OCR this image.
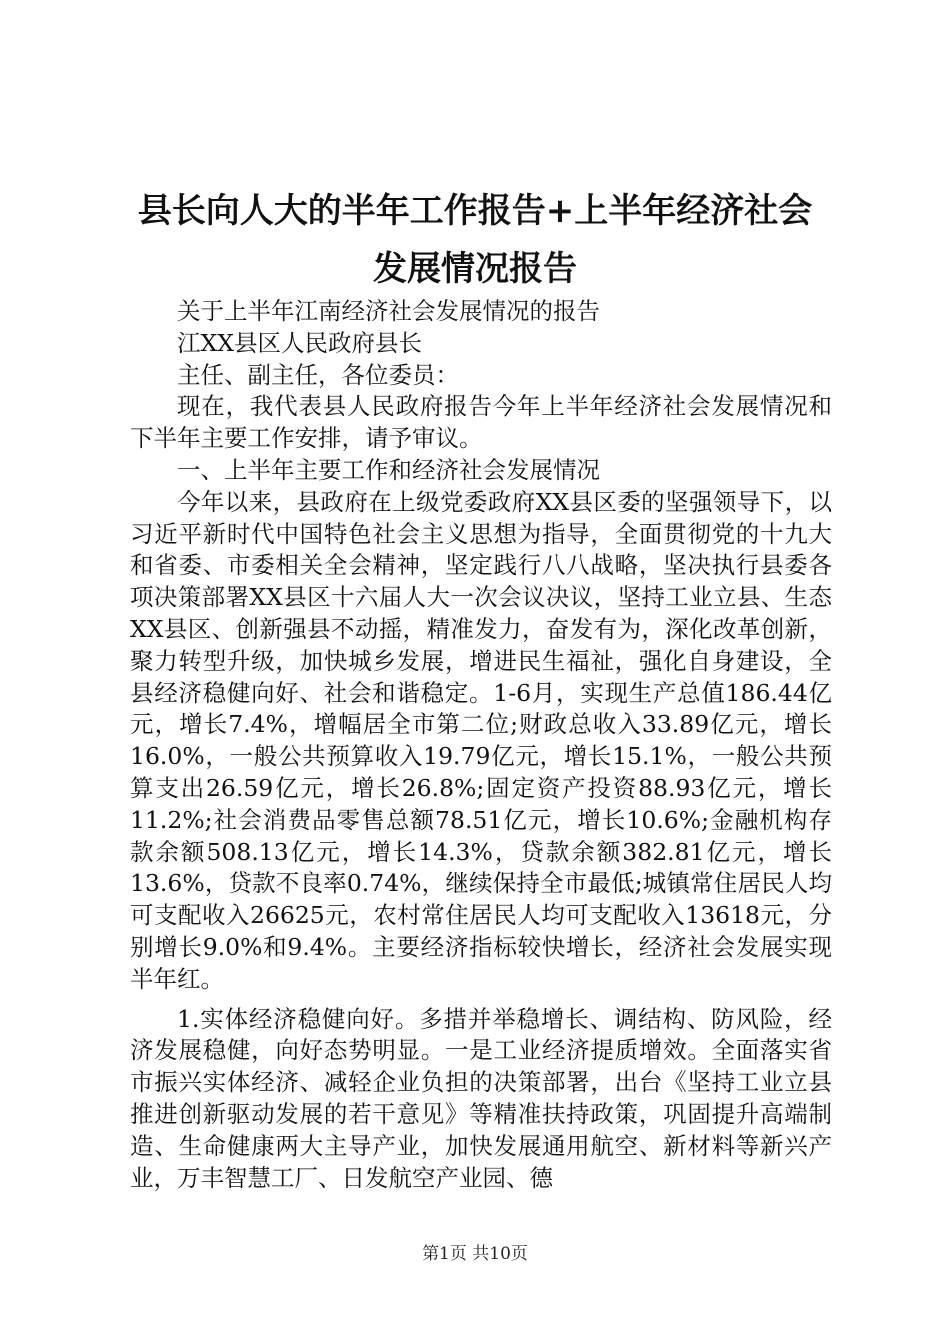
县长向人大的半年工作报告+上半年经济社会
发展情况报告

关于上半年江南经济社会发展情况的报告

江XX县区人民政府县长

主任、副主任，各位委员：

现在，我代表县人民政府报告今年上半年经济社会发展情况和下半年主要工作安排，请予审议。

一、上半年主要工作和经济社会发展情况

今年以来，县政府在上级党委政府XX县区委的坚强领导下，以习近平新时代中国特色社会主义思想为指导，全面贯彻党的十九大和省委、市委相关全会精神，坚定践行八八战略，坚决执行县委各项决策部署XX县区十六届人大一次会议决议，坚持工业立县、生态XX县区、创新强县不动摇，精准发力，奋发有为，深化改革创新，聚力转型升级，加快城乡发展，增进民生福祉，强化自身建设，全县经济稳健向好、社会和谐稳定。1-6月，实现生产总值186.44亿元，增长7.4%，增幅居全市第二位;财政总收入33.89亿元，增长16.0%，一般公共预算收入19.79亿元，增长15.1%，一般公共预算支出26.59亿元，增长26.8%;固定资产投资88.93亿元，增长11.2%;社会消费品零售总额78.51亿元，增长10.6%;金融机构存款余额508.13亿元，增长14.3%，贷款余额382.81亿元，增长13.6%，贷款不良率0.74%，继续保持全市最低;城镇常住居民人均可支配收入26625元，农村常住居民人均可支配收入13618元，分别增长9.0%和9.4%。主要经济指标较快增长，经济社会发展实现半年红。

1.实体经济稳健向好。多措并举稳增长、调结构、防风险，经济发展稳健，向好态势明显。一是工业经济提质增效。全面落实省市振兴实体经济、减轻企业负担的决策部署，出台《坚持工业立县推进创新驱动发展的若干意见》等精准扶持政策，巩固提升高端制造、生命健康两大主导产业，加快发展通用航空、新材料等新兴产业，万丰智慧工厂、日发航空产业园、德

第1页 共10页
